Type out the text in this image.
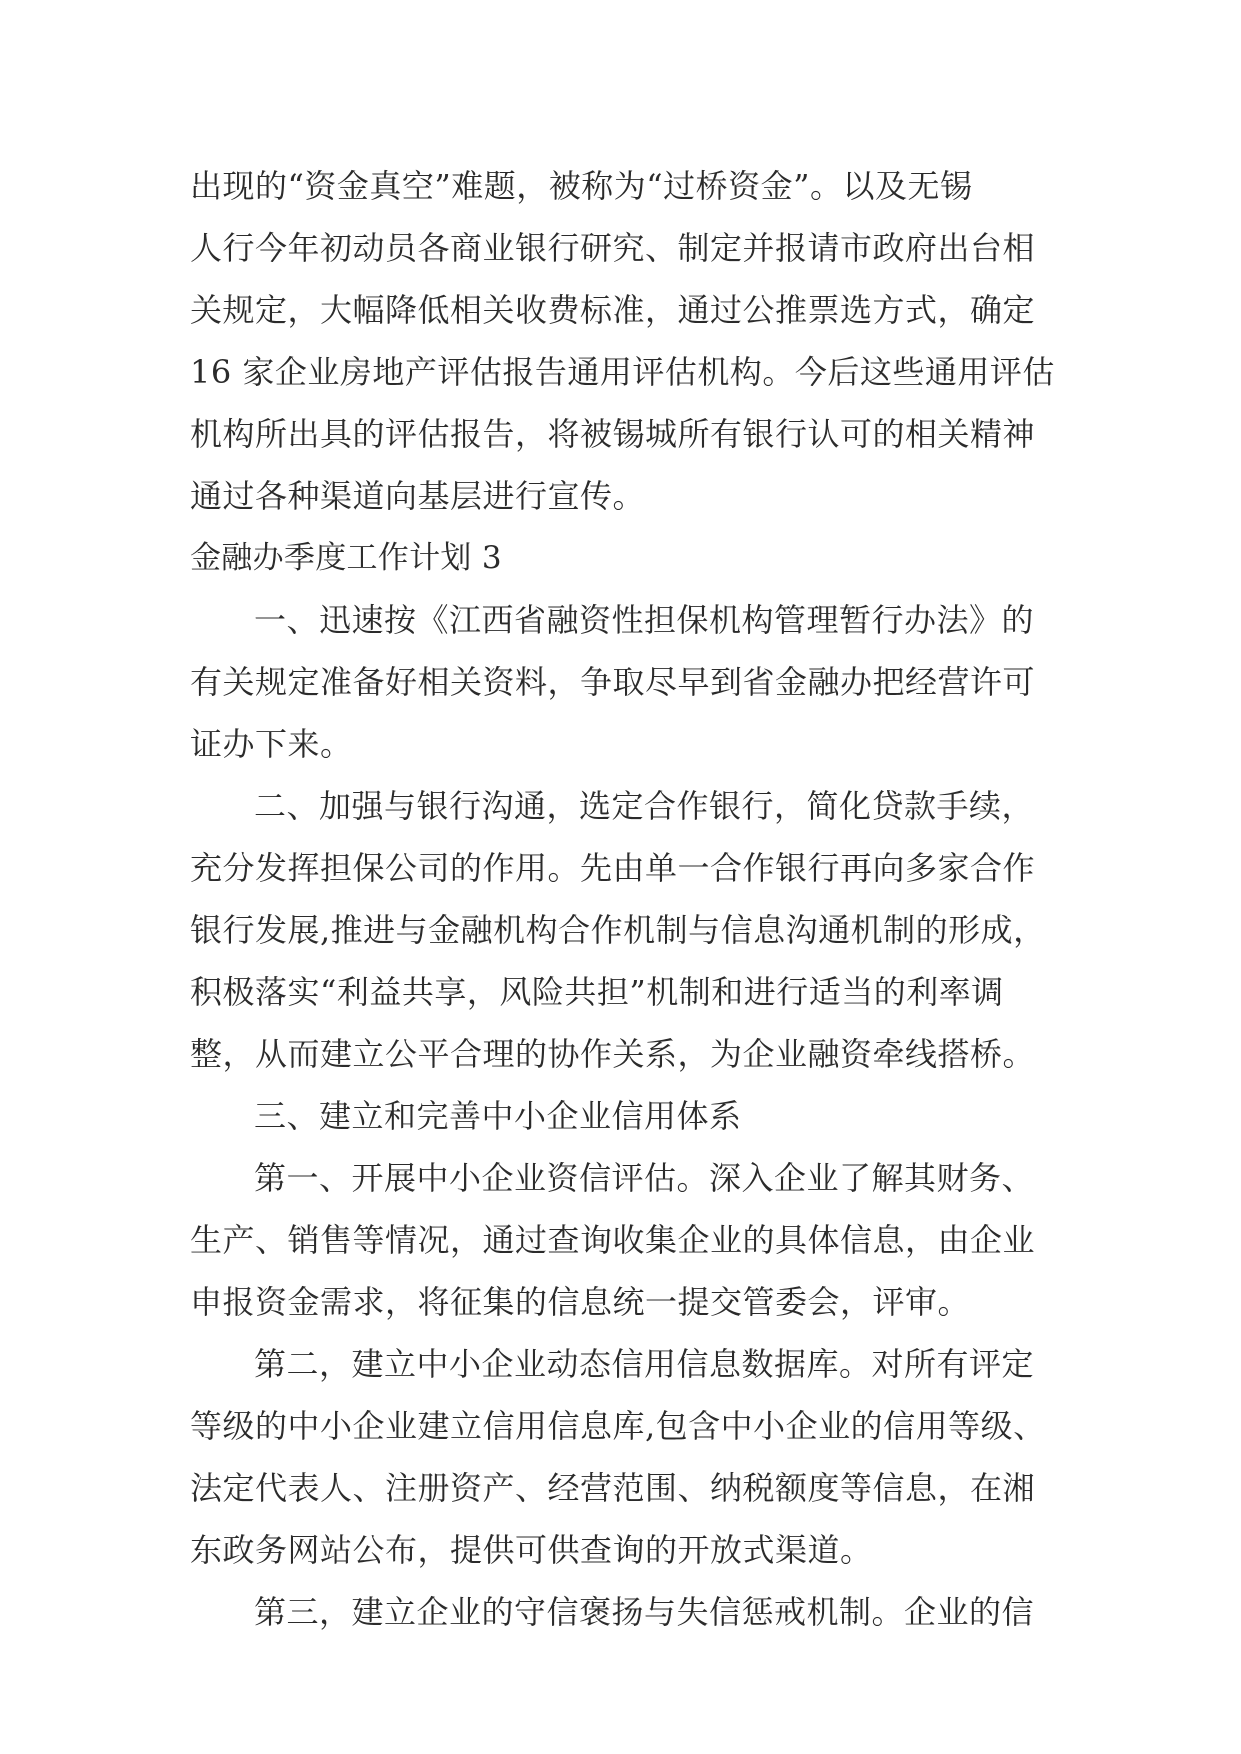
出现的“资金真空”难题，被称为“过桥资金”。以及无锡
人行今年初动员各商业银行研究、制定并报请市政府出台相
关规定，大幅降低相关收费标准，通过公推票选方式，确定
16 家企业房地产评估报告通用评估机构。今后这些通用评估
机构所出具的评估报告，将被锡城所有银行认可的相关精神
通过各种渠道向基层进行宣传。
金融办季度工作计划 3
一、迅速按《江西省融资性担保机构管理暂行办法》的
有关规定准备好相关资料，争取尽早到省金融办把经营许可
证办下来。
二、加强与银行沟通，选定合作银行，简化贷款手续，
充分发挥担保公司的作用。先由单一合作银行再向多家合作
银行发展,推进与金融机构合作机制与信息沟通机制的形成，
积极落实“利益共享，风险共担”机制和进行适当的利率调
整，从而建立公平合理的协作关系，为企业融资牵线搭桥。
三、建立和完善中小企业信用体系
第一、开展中小企业资信评估。深入企业了解其财务、
生产、销售等情况，通过查询收集企业的具体信息，由企业
申报资金需求，将征集的信息统一提交管委会，评审。
第二，建立中小企业动态信用信息数据库。对所有评定
等级的中小企业建立信用信息库,包含中小企业的信用等级、
法定代表人、注册资产、经营范围、纳税额度等信息，在湘
东政务网站公布，提供可供查询的开放式渠道。
第三，建立企业的守信褒扬与失信惩戒机制。企业的信
